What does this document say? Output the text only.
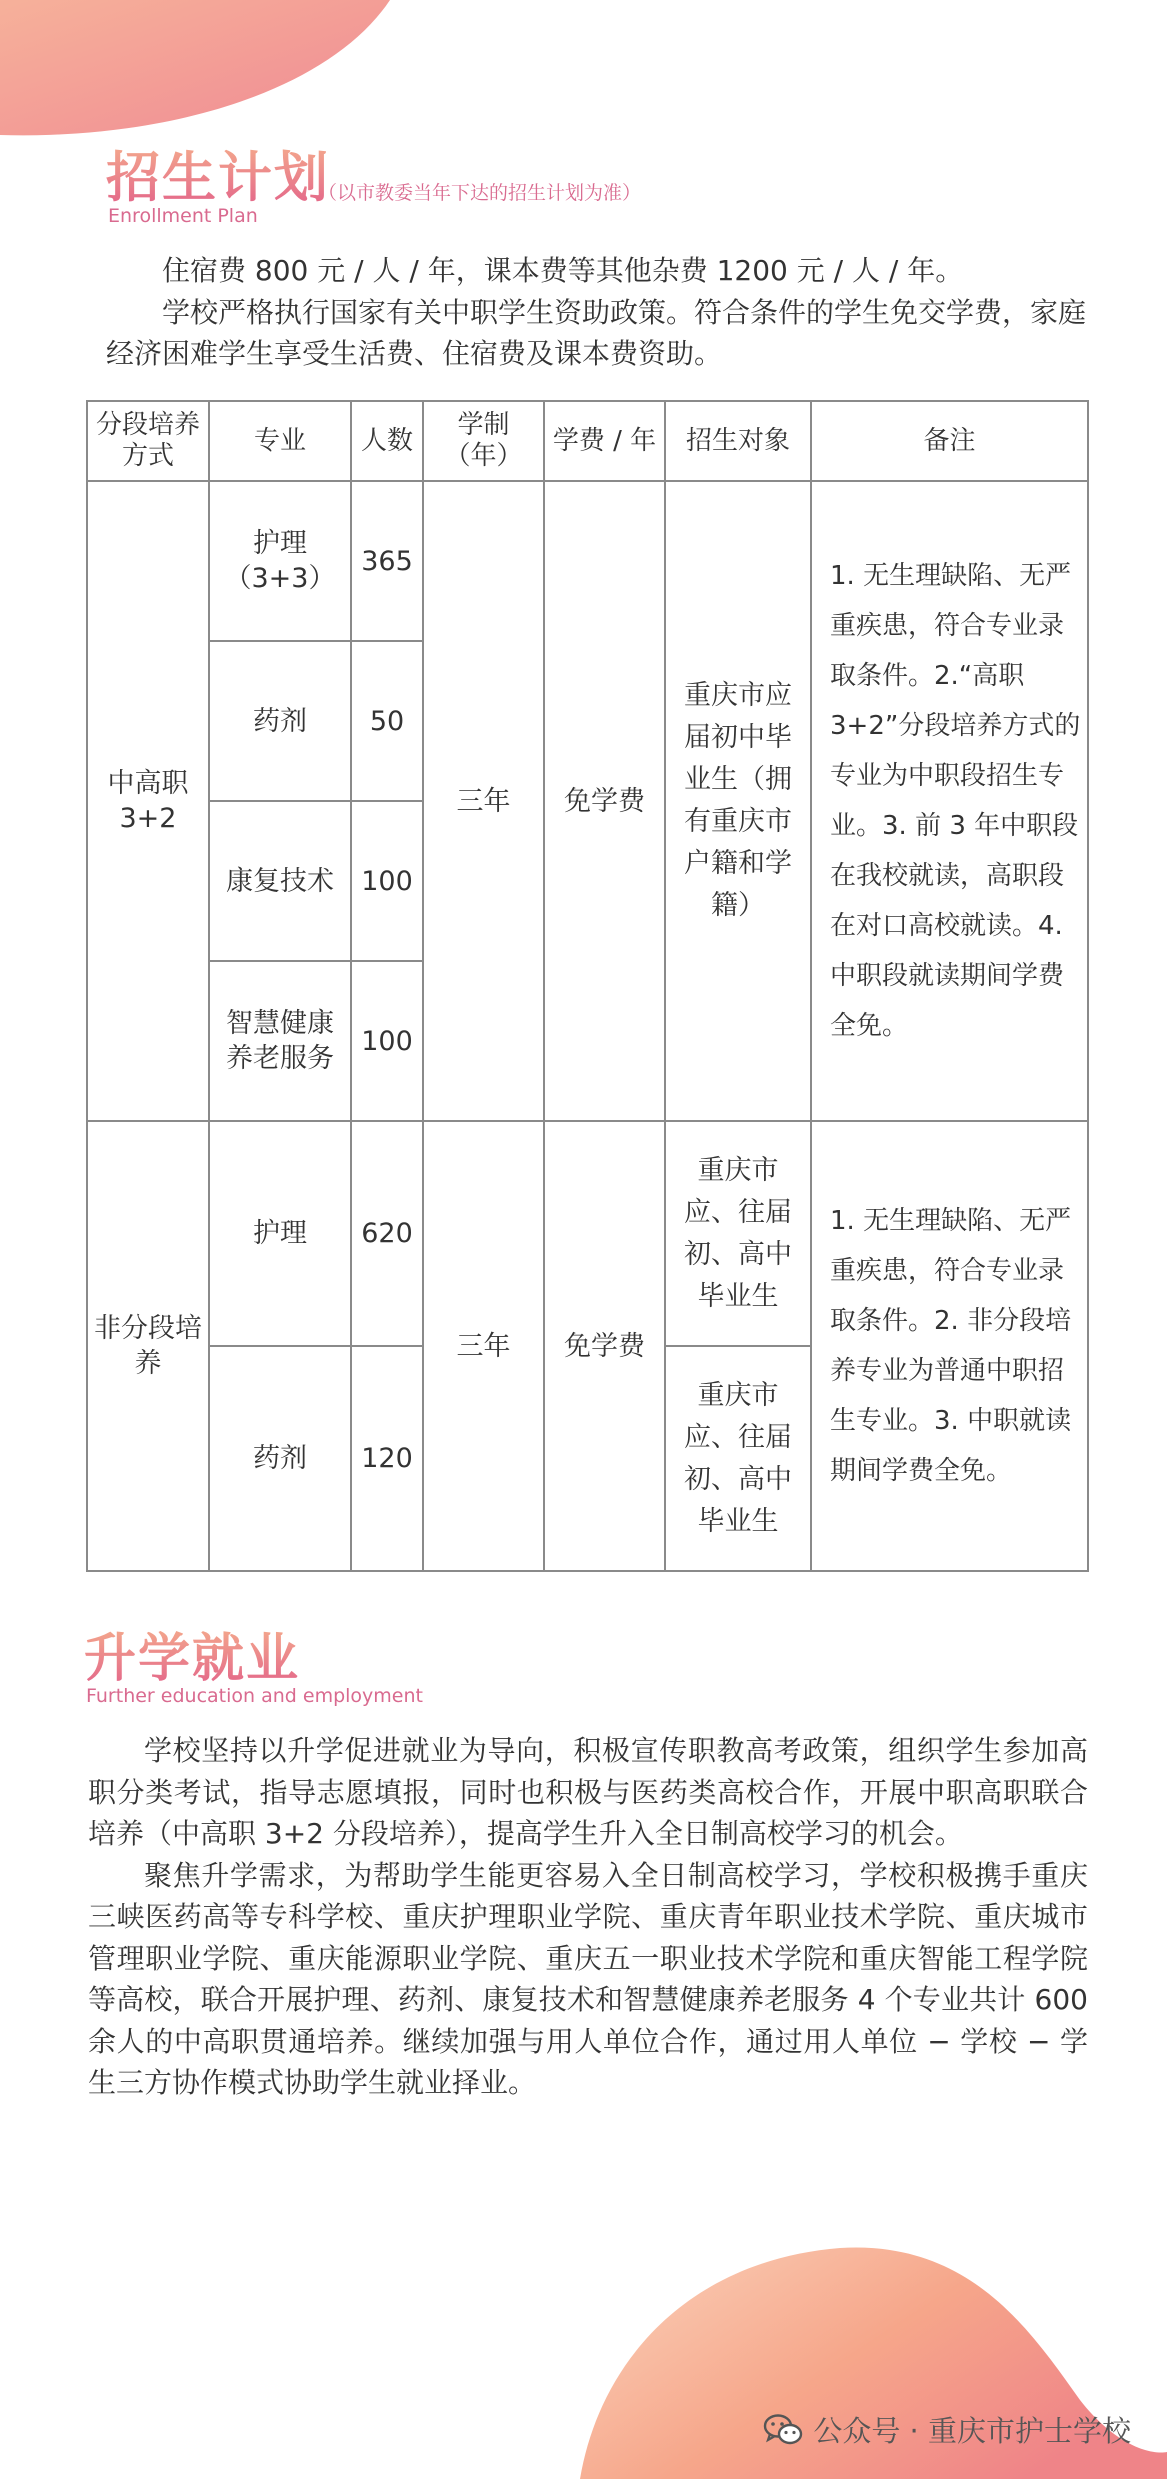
招生计划
（以市教委当年下达的招生计划为准）
Enrollment Plan

住宿费 800 元 / 人 / 年，课本费等其他杂费 1200 元 / 人 / 年。

学校严格执行国家有关中职学生资助政策。符合条件的学生免交学费，家庭经济困难学生享受生活费、住宿费及课本费资助。

分段培养方式	专业	人数	学制（年）	学费 / 年	招生对象	备注
中高职 3+2	护理（3+3）	365	三年	免学费	重庆市应届初中毕业生（拥有重庆市户籍和学籍）	1. 无生理缺陷、无严重疾患，符合专业录取条件。2.“高职 3+2”分段培养方式的专业为中职段招生专业。3. 前 3 年中职段在我校就读，高职段在对口高校就读。4. 中职段就读期间学费全免。
	药剂	50				
	康复技术	100				
	智慧健康养老服务	100				
非分段培养	护理	620	三年	免学费	重庆市应、往届初、高中毕业生	1. 无生理缺陷、无严重疾患，符合专业录取条件。2. 非分段培养专业为普通中职招生专业。3. 中职就读期间学费全免。
	药剂	120			重庆市应、往届初、高中毕业生	
升学就业
Further education and employment

学校坚持以升学促进就业为导向，积极宣传职教高考政策，组织学生参加高职分类考试，指导志愿填报，同时也积极与医药类高校合作，开展中职高职联合培养（中高职 3+2 分段培养），提高学生升入全日制高校学习的机会。

聚焦升学需求，为帮助学生能更容易入全日制高校学习，学校积极携手重庆三峡医药高等专科学校、重庆护理职业学院、重庆青年职业技术学院、重庆城市管理职业学院、重庆能源职业学院、重庆五一职业技术学院和重庆智能工程学院等高校，联合开展护理、药剂、康复技术和智慧健康养老服务 4 个专业共计 600 余人的中高职贯通培养。继续加强与用人单位合作，通过用人单位 − 学校 − 学生三方协作模式协助学生就业择业。

公众号 · 重庆市护士学校
